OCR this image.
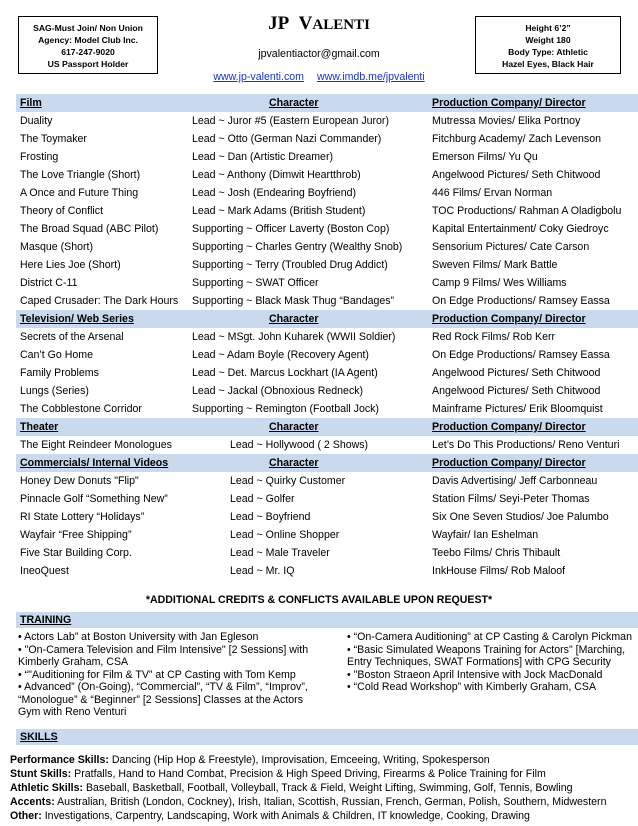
SAG-Must Join/ Non Union
Agency: Model Club Inc.
617-247-9020
US Passport Holder
JP VALENTI
jpvalentiactor@gmail.com
www.jp-valenti.com www.imdb.me/jpvalenti
Height 6’2”
Weight 180
Body Type: Athletic
Hazel Eyes, Black Hair
Film	Character	Production Company/ Director
Duality	Lead ~ Juror #5 (Eastern European Juror)	Mutressa Movies/ Elika Portnoy
The Toymaker	Lead ~ Otto (German Nazi Commander)	Fitchburg Academy/ Zach Levenson
Frosting	Lead ~ Dan (Artistic Dreamer)	Emerson Films/ Yu Qu
The Love Triangle (Short)	Lead ~ Anthony (Dimwit Heartthrob)	Angelwood Pictures/ Seth Chitwood
A Once and Future Thing	Lead ~ Josh (Endearing Boyfriend)	446 Films/ Ervan Norman
Theory of Conflict	Lead ~ Mark Adams (British Student)	TOC Productions/ Rahman A Oladigbolu
The Broad Squad (ABC Pilot)	Supporting ~ Officer Laverty (Boston Cop)	Kapital Entertainment/ Coky Giedroyc
Masque (Short)	Supporting ~ Charles Gentry (Wealthy Snob)	Sensorium Pictures/ Cate Carson
Here Lies Joe (Short)	Supporting ~ Terry (Troubled Drug Addict)	Sweven Films/ Mark Battle
District C-11	Supporting ~ SWAT Officer	Camp 9 Films/ Wes Williams
Caped Crusader: The Dark Hours Supporting ~ Black Mask Thug “Bandages”	On Edge Productions/ Ramsey Eassa
Television/ Web Series	Character	Production Company/ Director
Secrets of the Arsenal	Lead ~ MSgt. John Kuharek (WWII Soldier)	Red Rock Films/ Rob Kerr
Can’t Go Home	Lead ~ Adam Boyle (Recovery Agent)	On Edge Productions/ Ramsey Eassa
Family Problems	Lead ~ Det. Marcus Lockhart (IA Agent)	Angelwood Pictures/ Seth Chitwood
Lungs (Series)	Lead ~ Jackal (Obnoxious Redneck)	Angelwood Pictures/ Seth Chitwood
The Cobblestone Corridor	Supporting ~ Remington (Football Jock)	Mainframe Pictures/ Erik Bloomquist
Theater	Character	Production Company/ Director
The Eight Reindeer Monologues	Lead ~ Hollywood ( 2 Shows)	Let’s Do This Productions/ Reno Venturi
Commercials/ Internal Videos	Character	Production Company/ Director
Honey Dew Donuts "Flip"	Lead ~ Quirky Customer	Davis Advertising/ Jeff Carbonneau
Pinnacle Golf “Something New”	Lead ~ Golfer	Station Films/ Seyi-Peter Thomas
RI State Lottery “Holidays”	Lead ~ Boyfriend	Six One Seven Studios/ Joe Palumbo
Wayfair “Free Shipping”	Lead ~ Online Shopper	Wayfair/ Ian Eshelman
Five Star Building Corp.	Lead ~ Male Traveler	Teebo Films/ Chris Thibault
IneoQuest	Lead ~ Mr. IQ	InkHouse Films/ Rob Maloof
*ADDITIONAL CREDITS & CONFLICTS AVAILABLE UPON REQUEST*
TRAINING
• Actors Lab” at Boston University with Jan Egleson
• "On-Camera Television and Film Intensive" [2 Sessions] with Kimberly Graham, CSA
• “"Auditioning for Film & TV” at CP Casting with Tom Kemp
• Advanced” (On-Going), “Commercial”, “TV & Film”, “Improv”, “Monologue” & “Beginner” [2 Sessions] Classes at the Actors Gym with Reno Venturi
• “On-Camera Auditioning” at CP Casting & Carolyn Pickman
• “Basic Simulated Weapons Training for Actors" [Marching, Entry Techniques, SWAT Formations] with CPG Security
• "Boston Straeon April Intensive with Jock MacDonald
• “Cold Read Workshop” with Kimberly Graham, CSA
SKILLS
Performance Skills: Dancing (Hip Hop & Freestyle), Improvisation, Emceeing, Writing, Spokesperson
Stunt Skills: Pratfalls, Hand to Hand Combat, Precision & High Speed Driving, Firearms & Police Training for Film
Athletic Skills: Baseball, Basketball, Football, Volleyball, Track & Field, Weight Lifting, Swimming, Golf, Tennis, Bowling
Accents: Australian, British (London, Cockney), Irish, Italian, Scottish, Russian, French, German, Polish, Southern, Midwestern
Other: Investigations, Carpentry, Landscaping, Work with Animals & Children, IT knowledge, Cooking, Drawing
